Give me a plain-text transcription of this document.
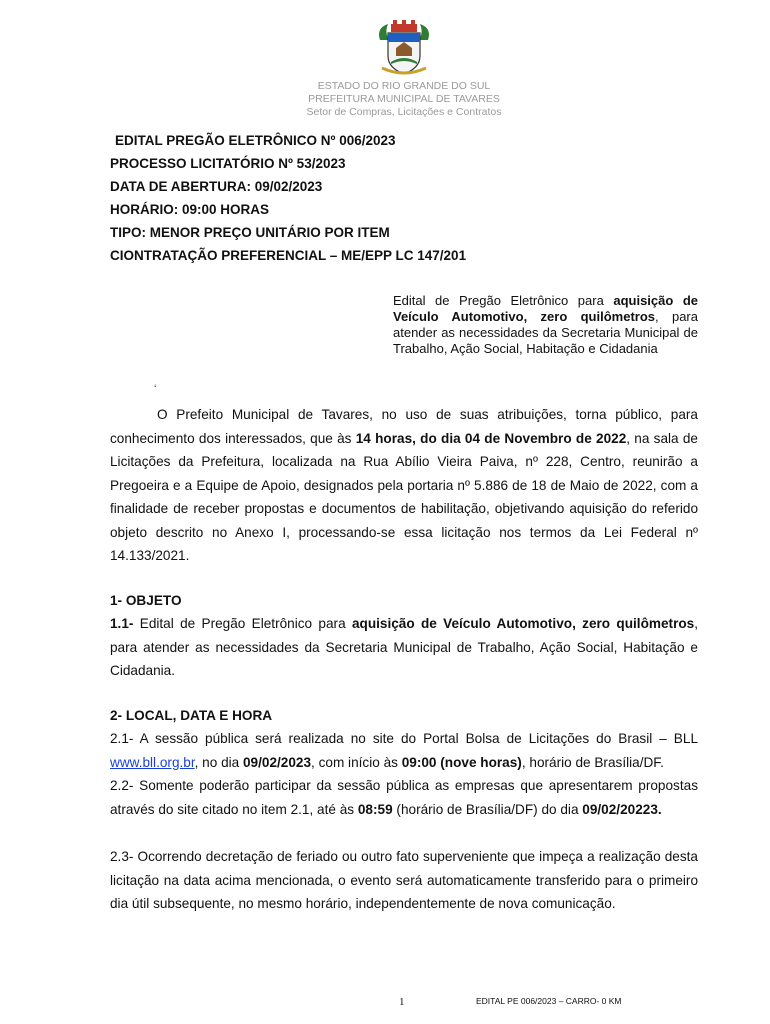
ESTADO DO RIO GRANDE DO SUL
PREFEITURA MUNICIPAL DE TAVARES
Setor de Compras, Licitações e Contratos
EDITAL PREGÃO ELETRÔNICO Nº 006/2023
PROCESSO LICITATÓRIO Nº 53/2023
DATA DE ABERTURA: 09/02/2023
HORÁRIO: 09:00 HORAS
TIPO: MENOR PREÇO UNITÁRIO POR ITEM
CIONTRATAÇÃO PREFERENCIAL – ME/EPP LC 147/201
Edital de Pregão Eletrônico para aquisição de Veículo Automotivo, zero quilômetros, para atender as necessidades da Secretaria Municipal de Trabalho, Ação Social, Habitação e Cidadania
‘
O Prefeito Municipal de Tavares, no uso de suas atribuições, torna público, para conhecimento dos interessados, que às 14 horas, do dia 04 de Novembro de 2022, na sala de Licitações da Prefeitura, localizada na Rua Abílio Vieira Paiva, nº 228, Centro, reunirão a Pregoeira e a Equipe de Apoio, designados pela portaria nº 5.886 de 18 de Maio de 2022, com a finalidade de receber propostas e documentos de habilitação, objetivando aquisição do referido objeto descrito no Anexo I, processando-se essa licitação nos termos da Lei Federal nº 14.133/2021.
1- OBJETO
1.1- Edital de Pregão Eletrônico para aquisição de Veículo Automotivo, zero quilômetros, para atender as necessidades da Secretaria Municipal de Trabalho, Ação Social, Habitação e Cidadania.
2- LOCAL, DATA E HORA
2.1- A sessão pública será realizada no site do Portal Bolsa de Licitações do Brasil – BLL www.bll.org.br, no dia 09/02/2023, com início às 09:00 (nove horas), horário de Brasília/DF.
2.2- Somente poderão participar da sessão pública as empresas que apresentarem propostas através do site citado no item 2.1, até às 08:59 (horário de Brasília/DF) do dia 09/02/20223.
2.3- Ocorrendo decretação de feriado ou outro fato superveniente que impeça a realização desta licitação na data acima mencionada, o evento será automaticamente transferido para o primeiro dia útil subsequente, no mesmo horário, independentemente de nova comunicação.
1	EDITAL PE 006/2023 – CARRO- 0 KM
